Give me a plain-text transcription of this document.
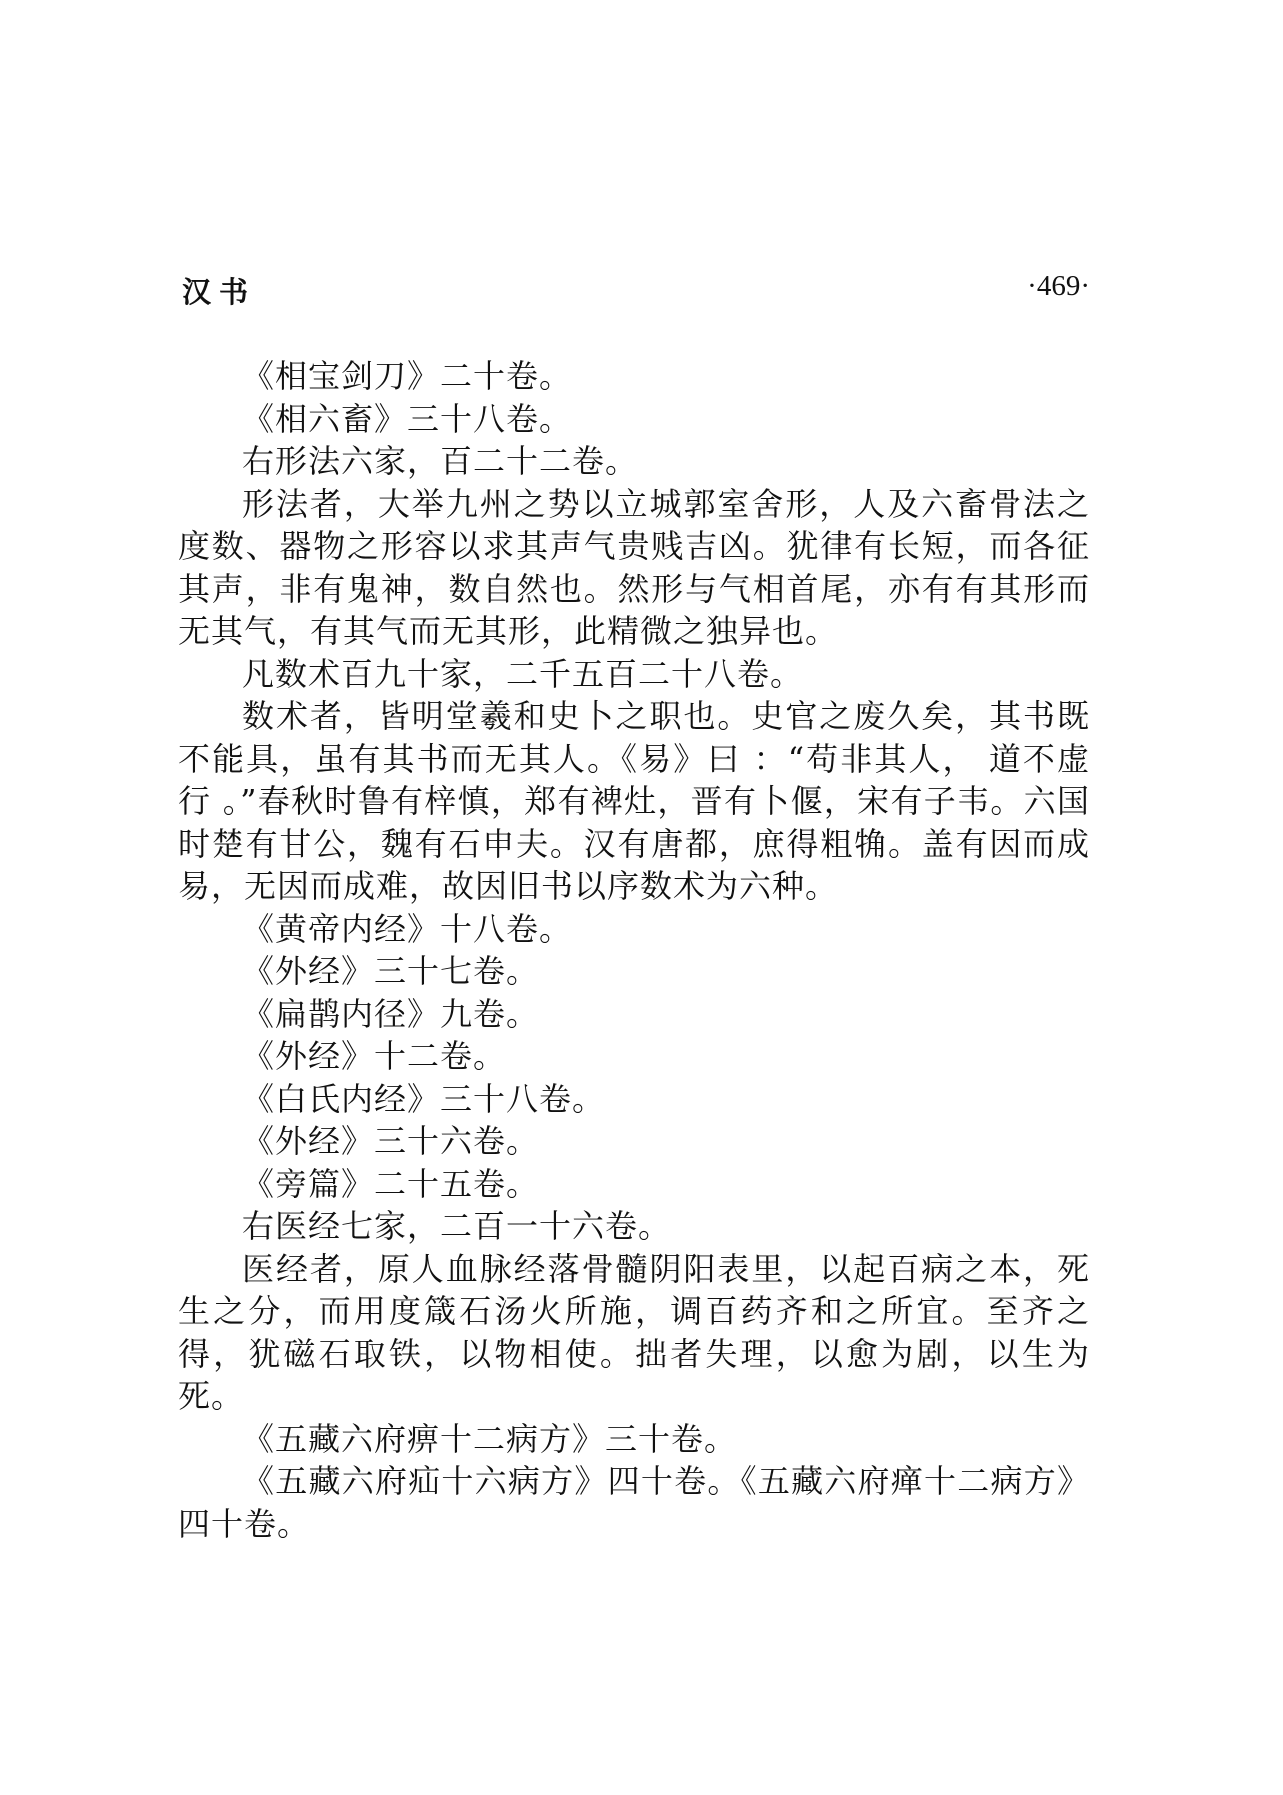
汉书	·469·

《相宝剑刀》二十卷。

《相六畜》三十八卷。

右形法六家，百二十二卷。

形法者，大举九州之势以立城郭室舍形，人及六畜骨法之度数、器物之形容以求其声气贵贱吉凶。犹律有长短，而各征其声，非有鬼神，数自然也。然形与气相首尾，亦有有其形而无其气，有其气而无其形，此精微之独异也。

凡数术百九十家，二千五百二十八卷。

数术者，皆明堂羲和史卜之职也。史官之废久矣，其书既不能具，虽有其书而无其人。《易》曰 ：“苟非其人， 道不虚行 。”春秋时鲁有梓慎，郑有裨灶，晋有卜偃，宋有子韦。六国时楚有甘公，魏有石申夫。汉有唐都，庶得粗觕。盖有因而成易，无因而成难，故因旧书以序数术为六种。

《黄帝内经》十八卷。

《外经》三十七卷。

《扁鹊内径》九卷。

《外经》十二卷。

《白氏内经》三十八卷。

《外经》三十六卷。

《旁篇》二十五卷。

右医经七家，二百一十六卷。

医经者，原人血脉经落骨髓阴阳表里，以起百病之本，死生之分，而用度箴石汤火所施，调百药齐和之所宜。至齐之得，犹磁石取铁，以物相使。拙者失理，以愈为剧，以生为死。

《五藏六府痹十二病方》三十卷。

《五藏六府疝十六病方》四十卷。《五藏六府瘅十二病方》四十卷。
